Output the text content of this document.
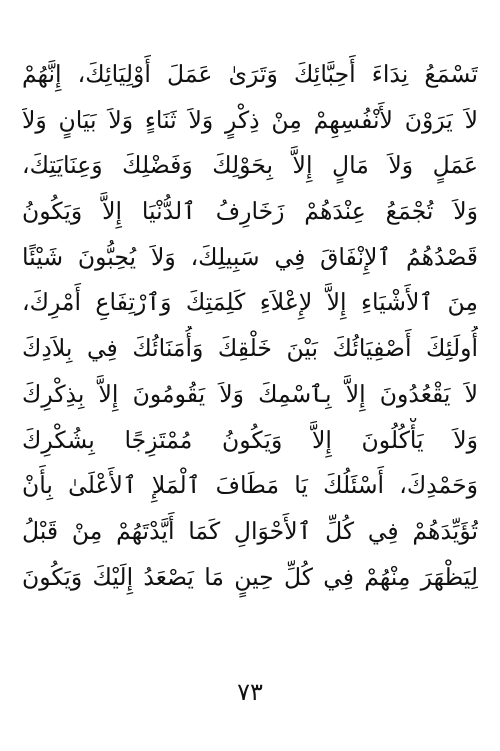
تَسْمَعُ نِدَاءَ أَحِبَّائِكَ وَتَرَىٰ عَمَلَ أَوْلِيَائِكَ، إِنَّهُمْ
لاَ يَرَوْنَ لأَنْفُسِهِمْ مِنْ ذِكْرٍ وَلاَ ثَنَاءٍ وَلاَ بَيَانٍ وَلاَ
عَمَلٍ وَلاَ مَالٍ إِلاَّ بِحَوْلِكَ وَفَضْلِكَ وَعِنَايَتِكَ،
وَلاَ تُجْمَعُ عِنْدَهُمْ زَخَارِفُ ٱلدُّنْيَا إِلاَّ وَيَكُونُ
قَصْدُهُمُ ٱلإِنْفَاقَ فِي سَبِيلِكَ، وَلاَ يُحِبُّونَ شَيْئًا
مِنَ ٱلأَشْيَاءِ إِلاَّ لإِعْلاَءِ كَلِمَتِكَ وَٱرْتِفَاعِ أَمْرِكَ،
أُولَئِكَ أَصْفِيَائُكَ بَيْنَ خَلْقِكَ وَأُمَنَائُكَ فِي بِلاَدِكَ
لاَ يَقْعُدُونَ إِلاَّ بِٱسْمِكَ وَلاَ يَقُومُونَ إِلاَّ بِذِكْرِكَ
وَلاَ يَأْكُلُونَ إِلاَّ وَيَكُونُ مُمْتَزِجًا بِشُكْرِكَ
وَحَمْدِكَ، أَسْئَلُكَ يَا مَطَافَ ٱلْمَلإِ ٱلأَعْلَىٰ بِأَنْ
تُؤَيِّدَهُمْ فِي كُلِّ ٱلأَحْوَالِ كَمَا أَيَّدْتَهُمْ مِنْ قَبْلُ
لِيَظْهَرَ مِنْهُمْ فِي كُلِّ حِينٍ مَا يَصْعَدُ إِلَيْكَ وَيَكُونَ
٧٣
